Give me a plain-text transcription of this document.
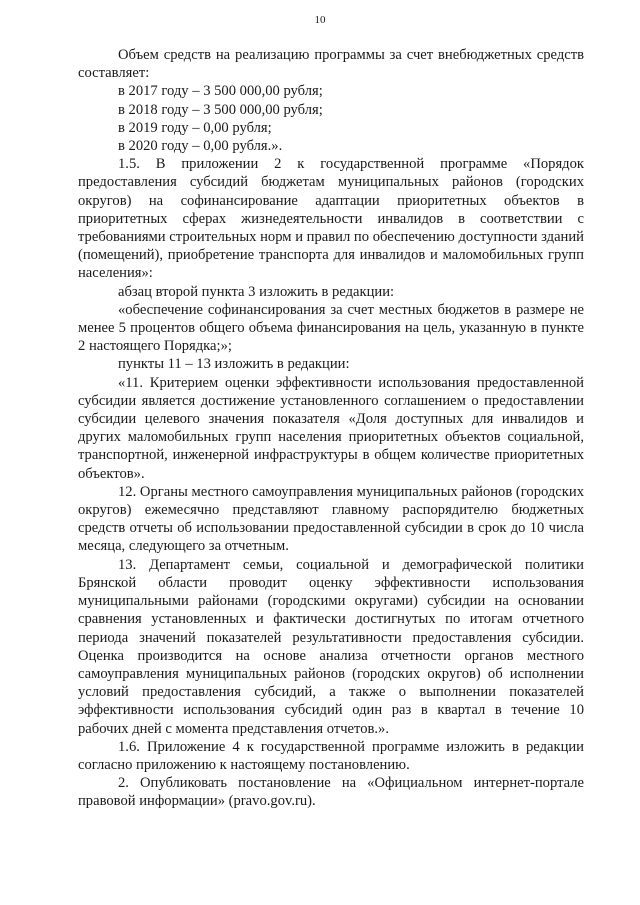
10

Объем средств на реализацию программы за счет внебюджетных средств составляет:

в 2017 году – 3 500 000,00 рубля;

в 2018 году – 3 500 000,00 рубля;

в 2019 году – 0,00 рубля;

в 2020 году – 0,00 рубля.».

1.5. В приложении 2 к государственной программе «Порядок предоставления субсидий бюджетам муниципальных районов (городских округов) на софинансирование адаптации приоритетных объектов в приоритетных сферах жизнедеятельности инвалидов в соответствии с требованиями строительных норм и правил по обеспечению доступности зданий (помещений), приобретение транспорта для инвалидов и маломобильных групп населения»:

абзац второй пункта 3 изложить в редакции:

«обеспечение софинансирования за счет местных бюджетов в размере не менее 5 процентов общего объема финансирования на цель, указанную в пункте 2 настоящего Порядка;»;

пункты 11 – 13 изложить в редакции:

«11. Критерием оценки эффективности использования предоставленной субсидии является достижение установленного соглашением о предоставлении субсидии целевого значения показателя «Доля доступных для инвалидов и других маломобильных групп населения приоритетных объектов социальной, транспортной, инженерной инфраструктуры в общем количестве приоритетных объектов».

12. Органы местного самоуправления муниципальных районов (городских округов) ежемесячно представляют главному распорядителю бюджетных средств отчеты об использовании предоставленной субсидии в срок до 10 числа месяца, следующего за отчетным.

13. Департамент семьи, социальной и демографической политики Брянской области проводит оценку эффективности использования муниципальными районами (городскими округами) субсидии на основании сравнения установленных и фактически достигнутых по итогам отчетного периода значений показателей результативности предоставления субсидии. Оценка производится на основе анализа отчетности органов местного самоуправления муниципальных районов (городских округов) об исполнении условий предоставления субсидий, а также о выполнении показателей эффективности использования субсидий один раз в квартал в течение 10 рабочих дней с момента представления отчетов.».

1.6. Приложение 4 к государственной программе изложить в редакции согласно приложению к настоящему постановлению.

2. Опубликовать постановление на «Официальном интернет-портале правовой информации» (pravo.gov.ru).
